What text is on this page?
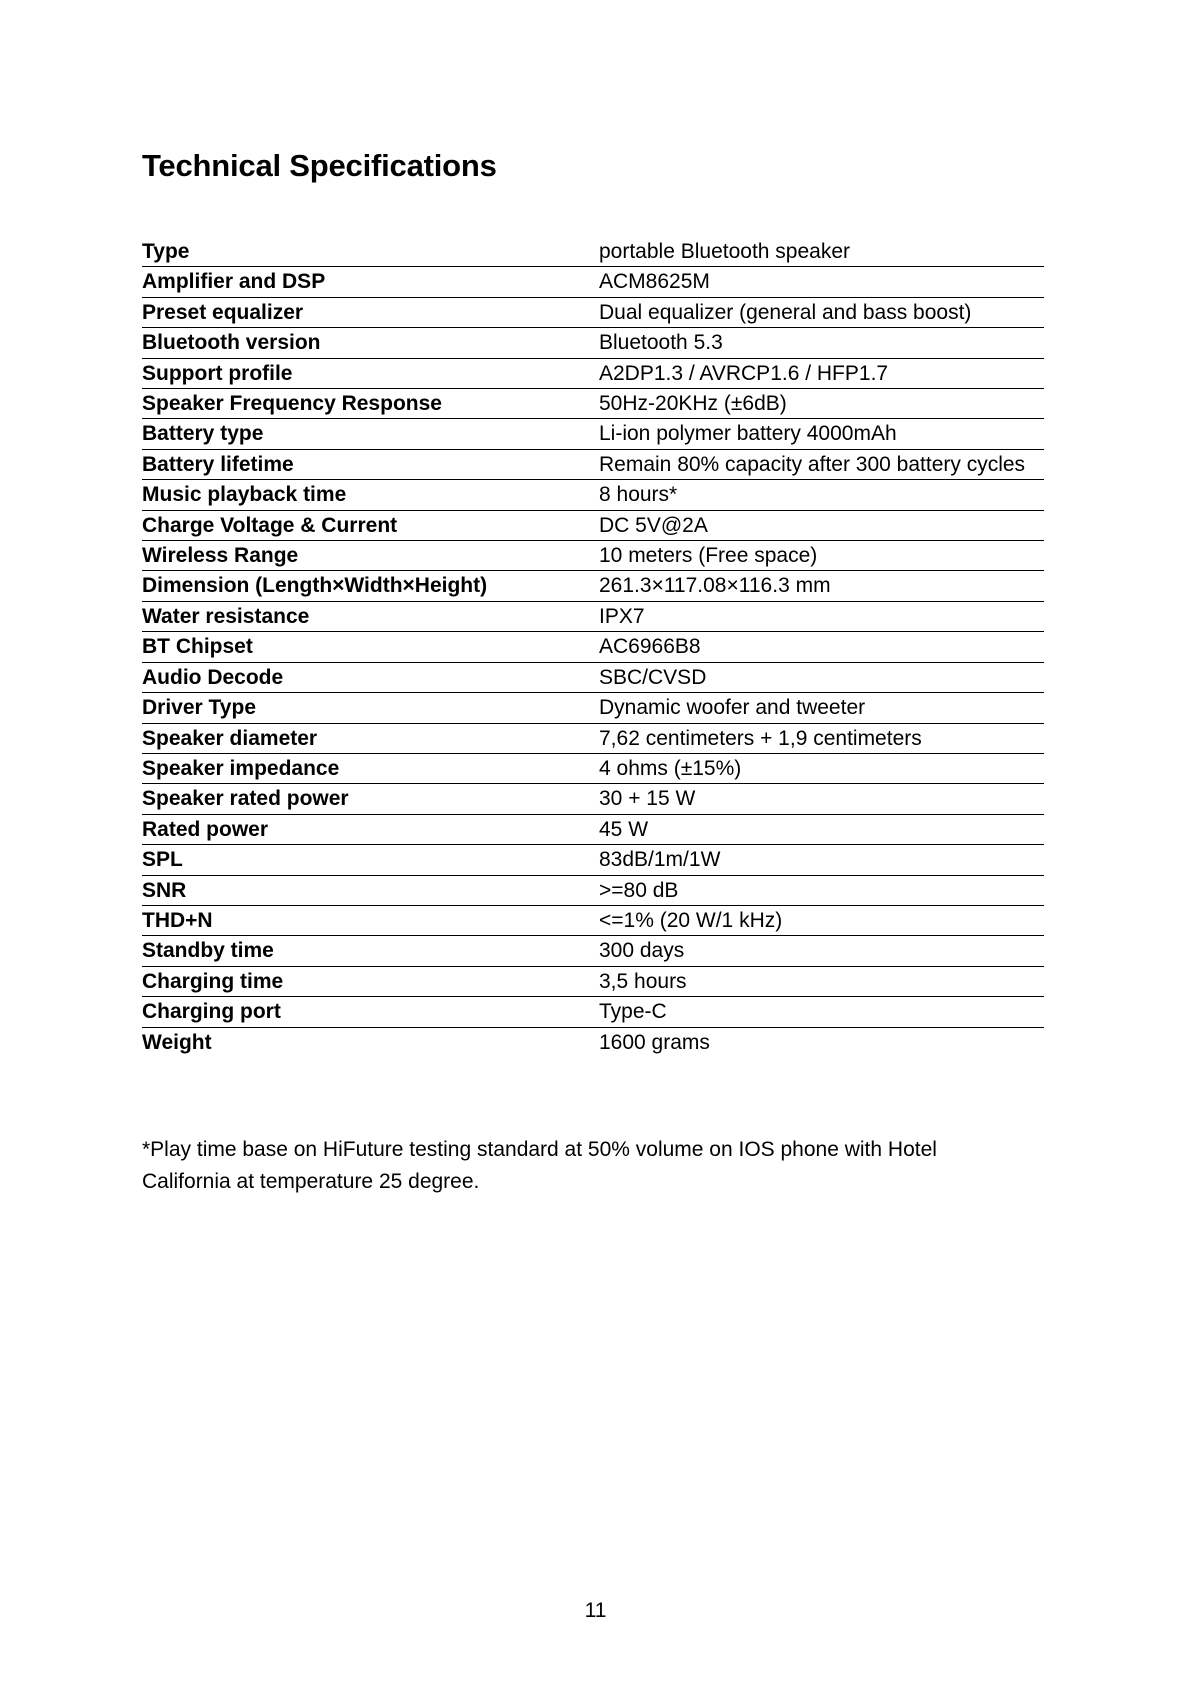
Technical Specifications
Type	portable Bluetooth speaker
Amplifier and DSP	ACM8625M
Preset equalizer	Dual equalizer (general and bass boost)
Bluetooth version	Bluetooth 5.3
Support profile	A2DP1.3 / AVRCP1.6 / HFP1.7
Speaker Frequency Response	50Hz-20KHz (±6dB)
Battery type	Li-ion polymer battery 4000mAh
Battery lifetime	Remain 80% capacity after 300 battery cycles
Music playback time	8 hours*
Charge Voltage & Current	DC 5V@2A
Wireless Range	10 meters (Free space)
Dimension (Length×Width×Height)	261.3×117.08×116.3 mm
Water resistance	IPX7
BT Chipset	AC6966B8
Audio Decode	SBC/CVSD
Driver Type	Dynamic woofer and tweeter
Speaker diameter	7,62 centimeters + 1,9 centimeters
Speaker impedance	4 ohms (±15%)
Speaker rated power	30 + 15 W
Rated power	45 W
SPL	83dB/1m/1W
SNR	>=80 dB
THD+N	<=1% (20 W/1 kHz)
Standby time	300 days
Charging time	3,5 hours
Charging port	Type-C
Weight	1600 grams

*Play time base on HiFuture testing standard at 50% volume on IOS phone with Hotel California at temperature 25 degree.

11
